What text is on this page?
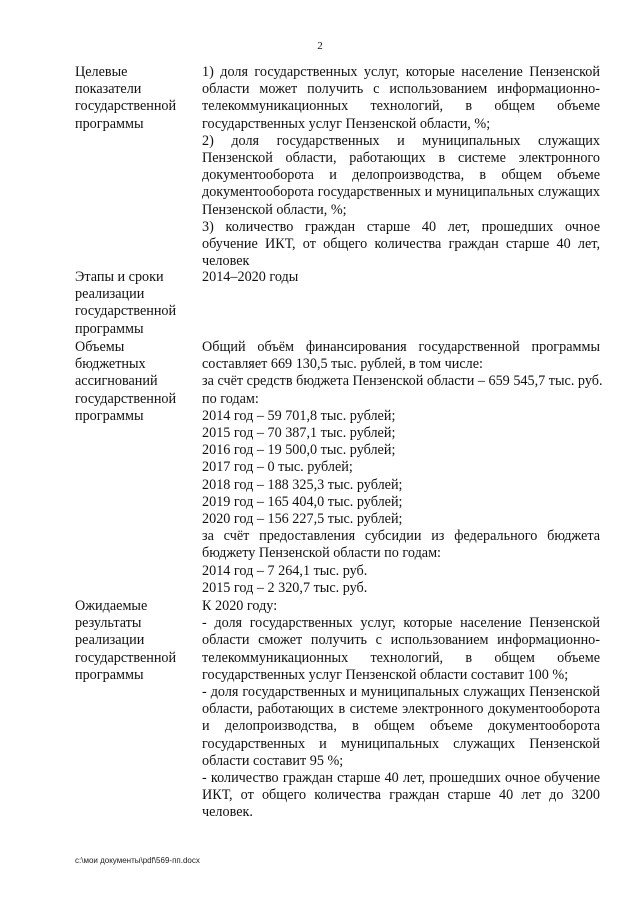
2
Целевые показатели государственной программы

1) доля государственных услуг, которые население Пензенской области может получить с использованием информационно-телекоммуникационных технологий, в общем объеме государственных услуг Пензенской области, %;

2) доля государственных и муниципальных служащих Пензенской области, работающих в системе электронного документооборота и делопроизводства, в общем объеме документооборота государственных и муниципальных служащих Пензенской области, %;

3) количество граждан старше 40 лет, прошедших очное обучение ИКТ, от общего количества граждан старше 40 лет, человек

Этапы и сроки реализации государственной программы

2014–2020 годы

Объемы бюджетных ассигнований государственной программы

Общий объём финансирования государственной программы составляет 669 130,5 тыс. рублей, в том числе:

за счёт средств бюджета Пензенской области – 659 545,7 тыс. руб.
по годам:
2014 год – 59 701,8 тыс. рублей;
2015 год – 70 387,1 тыс. рублей;
2016 год – 19 500,0 тыс. рублей;
2017 год – 0 тыс. рублей;
2018 год – 188 325,3 тыс. рублей;
2019 год – 165 404,0 тыс. рублей;
2020 год – 156 227,5 тыс. рублей;

за счёт предоставления субсидии из федерального бюджета бюджету Пензенской области по годам:

2014 год – 7 264,1 тыс. руб.
2015 год – 2 320,7 тыс. руб.
Ожидаемые результаты реализации государственной программы
К 2020 году:

- доля государственных услуг, которые население Пензенской области сможет получить с использованием информационно-телекоммуникационных технологий, в общем объеме государственных услуг Пензенской области составит 100 %;

- доля государственных и муниципальных служащих Пензенской области, работающих в системе электронного документооборота и делопроизводства, в общем объеме документооборота государственных и муниципальных служащих Пензенской области составит 95 %;

- количество граждан старше 40 лет, прошедших очное обучение ИКТ, от общего количества граждан старше 40 лет до 3200 человек.

c:\мои документы\pdf\569-пп.docx
